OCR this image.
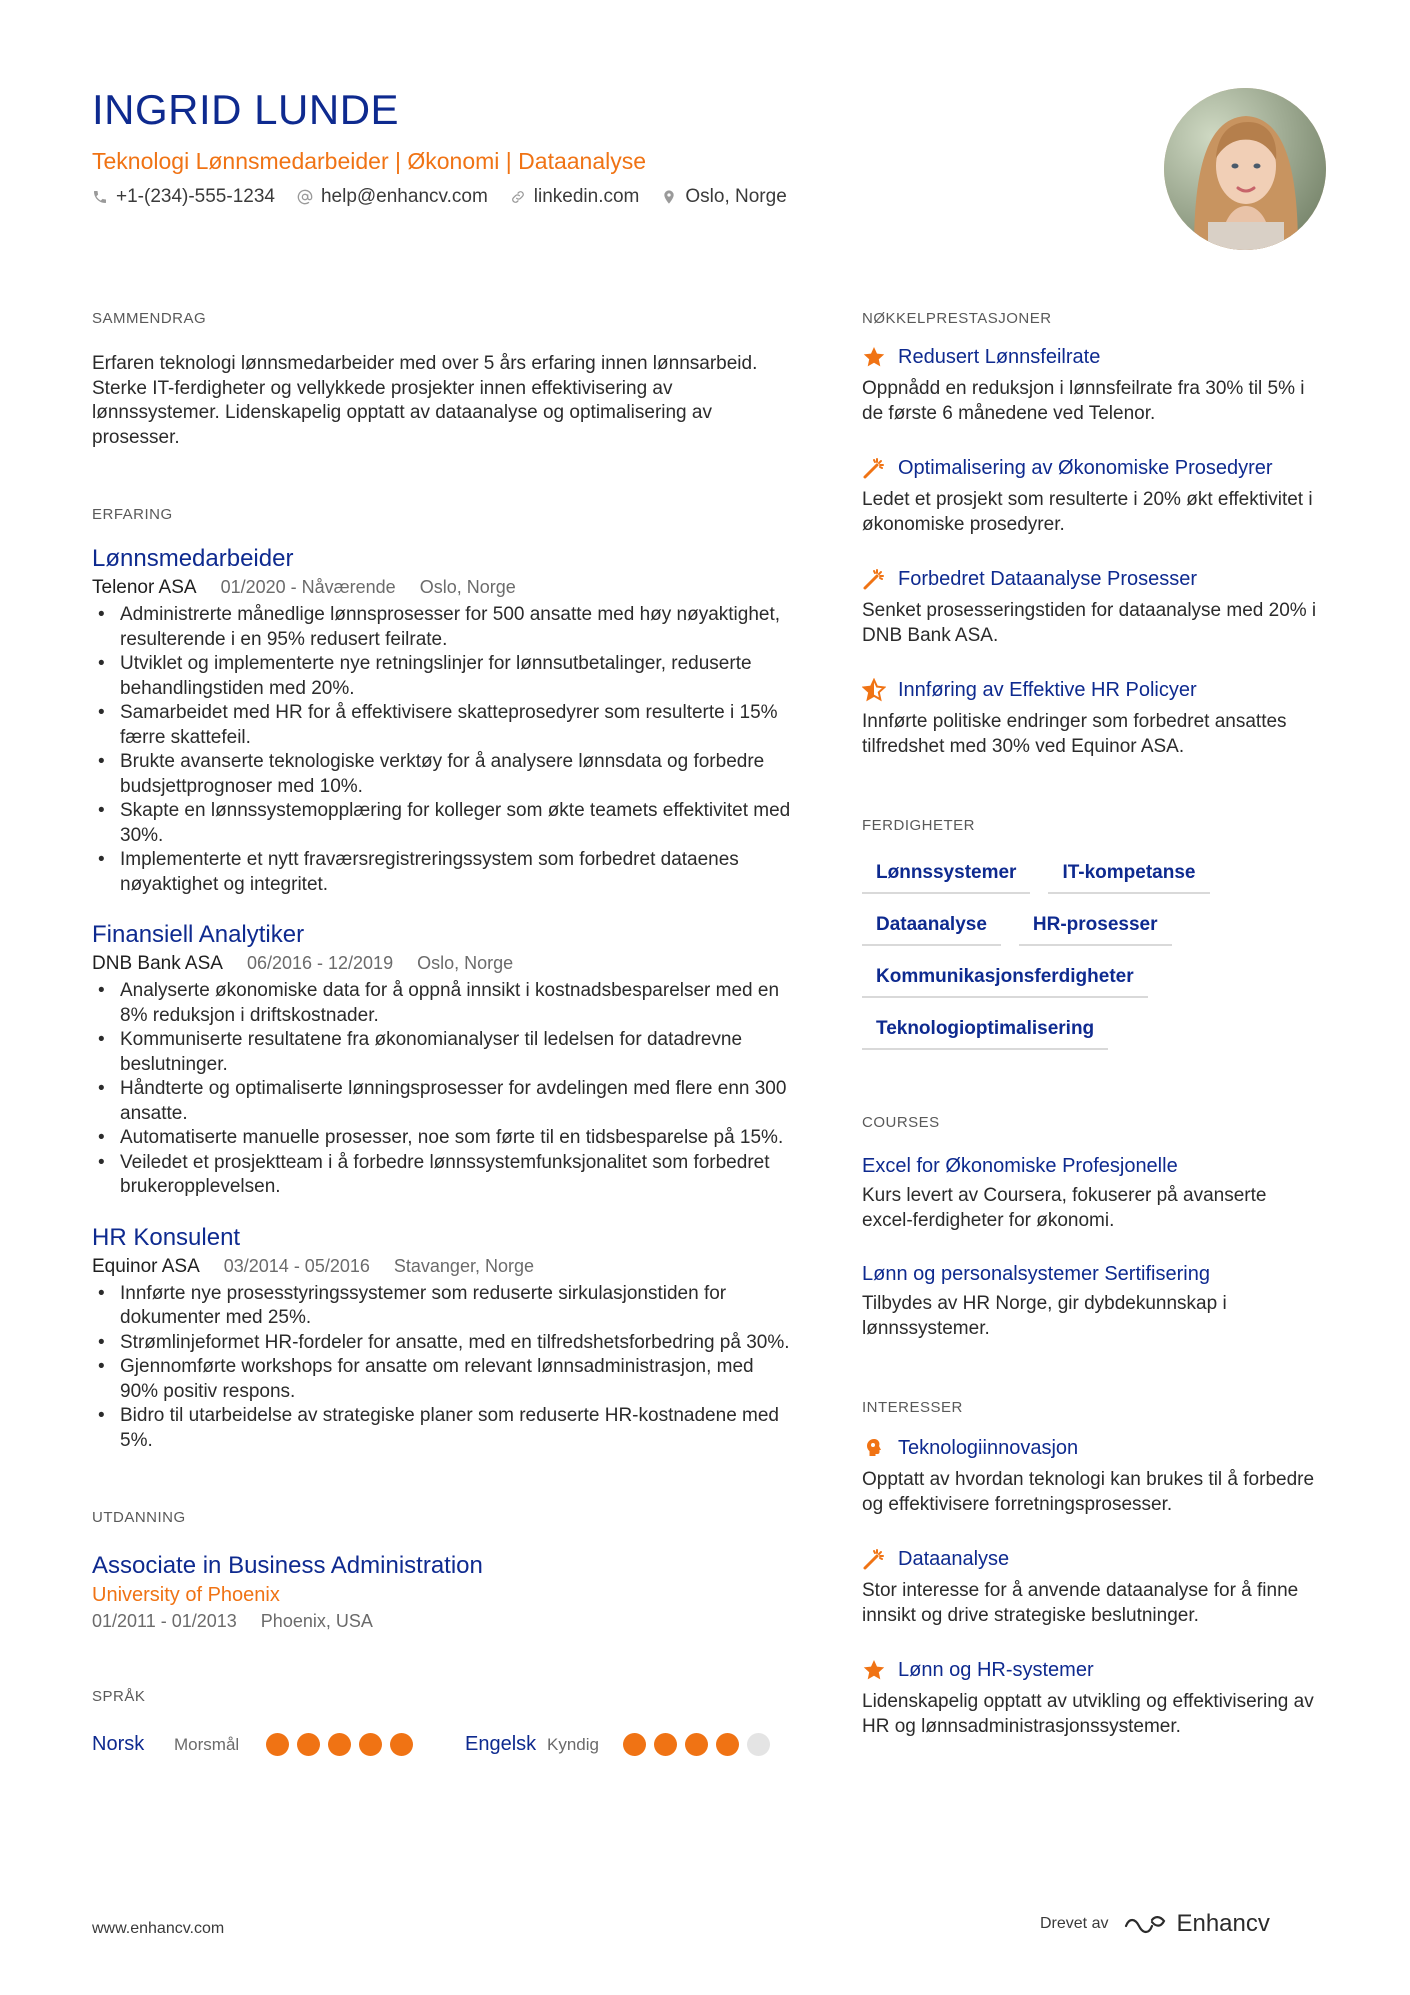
INGRID LUNDE
Teknologi Lønnsmedarbeider | Økonomi | Dataanalyse
+1-(234)-555-1234 help@enhancv.com linkedin.com Oslo, Norge
SAMMENDRAG
Erfaren teknologi lønnsmedarbeider med over 5 års erfaring innen lønnsarbeid. Sterke IT-ferdigheter og vellykkede prosjekter innen effektivisering av lønnssystemer. Lidenskapelig opptatt av dataanalyse og optimalisering av prosesser.
ERFARING
Lønnsmedarbeider
Telenor ASA 01/2020 - Nåværende Oslo, Norge
• Administrerte månedlige lønnsprosesser for 500 ansatte med høy nøyaktighet, resulterende i en 95% redusert feilrate.
• Utviklet og implementerte nye retningslinjer for lønnsutbetalinger, reduserte behandlingstiden med 20%.
• Samarbeidet med HR for å effektivisere skatteprosedyrer som resulterte i 15% færre skattefeil.
• Brukte avanserte teknologiske verktøy for å analysere lønnsdata og forbedre budsjettprognoser med 10%.
• Skapte en lønnssystemopplæring for kolleger som økte teamets effektivitet med 30%.
• Implementerte et nytt fraværsregistreringssystem som forbedret dataenes nøyaktighet og integritet.
Finansiell Analytiker
DNB Bank ASA 06/2016 - 12/2019 Oslo, Norge
• Analyserte økonomiske data for å oppnå innsikt i kostnadsbesparelser med en 8% reduksjon i driftskostnader.
• Kommuniserte resultatene fra økonomianalyser til ledelsen for datadrevne beslutninger.
• Håndterte og optimaliserte lønningsprosesser for avdelingen med flere enn 300 ansatte.
• Automatiserte manuelle prosesser, noe som førte til en tidsbesparelse på 15%.
• Veiledet et prosjektteam i å forbedre lønnssystemfunksjonalitet som forbedret brukeropplevelsen.
HR Konsulent
Equinor ASA 03/2014 - 05/2016 Stavanger, Norge
• Innførte nye prosesstyringssystemer som reduserte sirkulasjonstiden for dokumenter med 25%.
• Strømlinjeformet HR-fordeler for ansatte, med en tilfredshetsforbedring på 30%.
• Gjennomførte workshops for ansatte om relevant lønnsadministrasjon, med 90% positiv respons.
• Bidro til utarbeidelse av strategiske planer som reduserte HR-kostnadene med 5%.
UTDANNING
Associate in Business Administration
University of Phoenix
01/2011 - 01/2013 Phoenix, USA
SPRÅK
Norsk	Morsmål	Engelsk Kyndig
NØKKELPRESTASJONER
Redusert Lønnsfeilrate
Oppnådd en reduksjon i lønnsfeilrate fra 30% til 5% i de første 6 månedene ved Telenor.
Optimalisering av Økonomiske Prosedyrer
Ledet et prosjekt som resulterte i 20% økt effektivitet i økonomiske prosedyrer.
Forbedret Dataanalyse Prosesser
Senket prosesseringstiden for dataanalyse med 20% i DNB Bank ASA.
Innføring av Effektive HR Policyer
Innførte politiske endringer som forbedret ansattes tilfredshet med 30% ved Equinor ASA.
FERDIGHETER
Lønnssystemer	IT-kompetanse
Dataanalyse	HR-prosesser
Kommunikasjonsferdigheter
Teknologioptimalisering
COURSES
Excel for Økonomiske Profesjonelle
Kurs levert av Coursera, fokuserer på avanserte excel-ferdigheter for økonomi.
Lønn og personalsystemer Sertifisering
Tilbydes av HR Norge, gir dybdekunnskap i lønnssystemer.
INTERESSER
Teknologiinnovasjon
Opptatt av hvordan teknologi kan brukes til å forbedre og effektivisere forretningsprosesser.
Dataanalyse
Stor interesse for å anvende dataanalyse for å finne innsikt og drive strategiske beslutninger.
Lønn og HR-systemer
Lidenskapelig opptatt av utvikling og effektivisering av HR og lønnsadministrasjonssystemer.
www.enhancv.com	Drevet av	Enhancv
